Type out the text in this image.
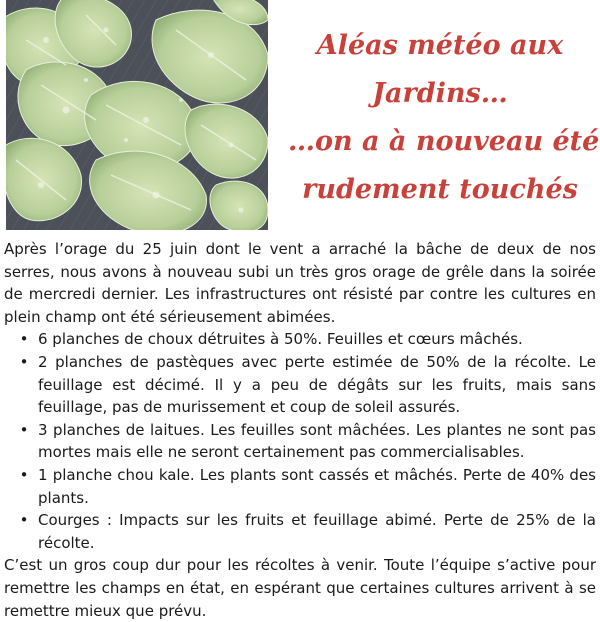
Aléas météo aux
Jardins…
…on a à nouveau été
rudement touchés

Après l’orage du 25 juin dont le vent a arraché la bâche de deux de nos serres, nous avons à nouveau subi un très gros orage de grêle dans la soirée de mercredi dernier. Les infrastructures ont résisté par contre les cultures en plein champ ont été sérieusement abimées.

• 6 planches de choux détruites à 50%. Feuilles et cœurs mâchés.
• 2 planches de pastèques avec perte estimée de 50% de la récolte. Le feuillage est décimé. Il y a peu de dégâts sur les fruits, mais sans feuillage, pas de murissement et coup de soleil assurés.
• 3 planches de laitues. Les feuilles sont mâchées. Les plantes ne sont pas mortes mais elle ne seront certainement pas commercialisables.
• 1 planche chou kale. Les plants sont cassés et mâchés. Perte de 40% des plants.
• Courges : Impacts sur les fruits et feuillage abimé. Perte de 25% de la récolte.

C’est un gros coup dur pour les récoltes à venir. Toute l’équipe s’active pour remettre les champs en état, en espérant que certaines cultures arrivent à se remettre mieux que prévu.
